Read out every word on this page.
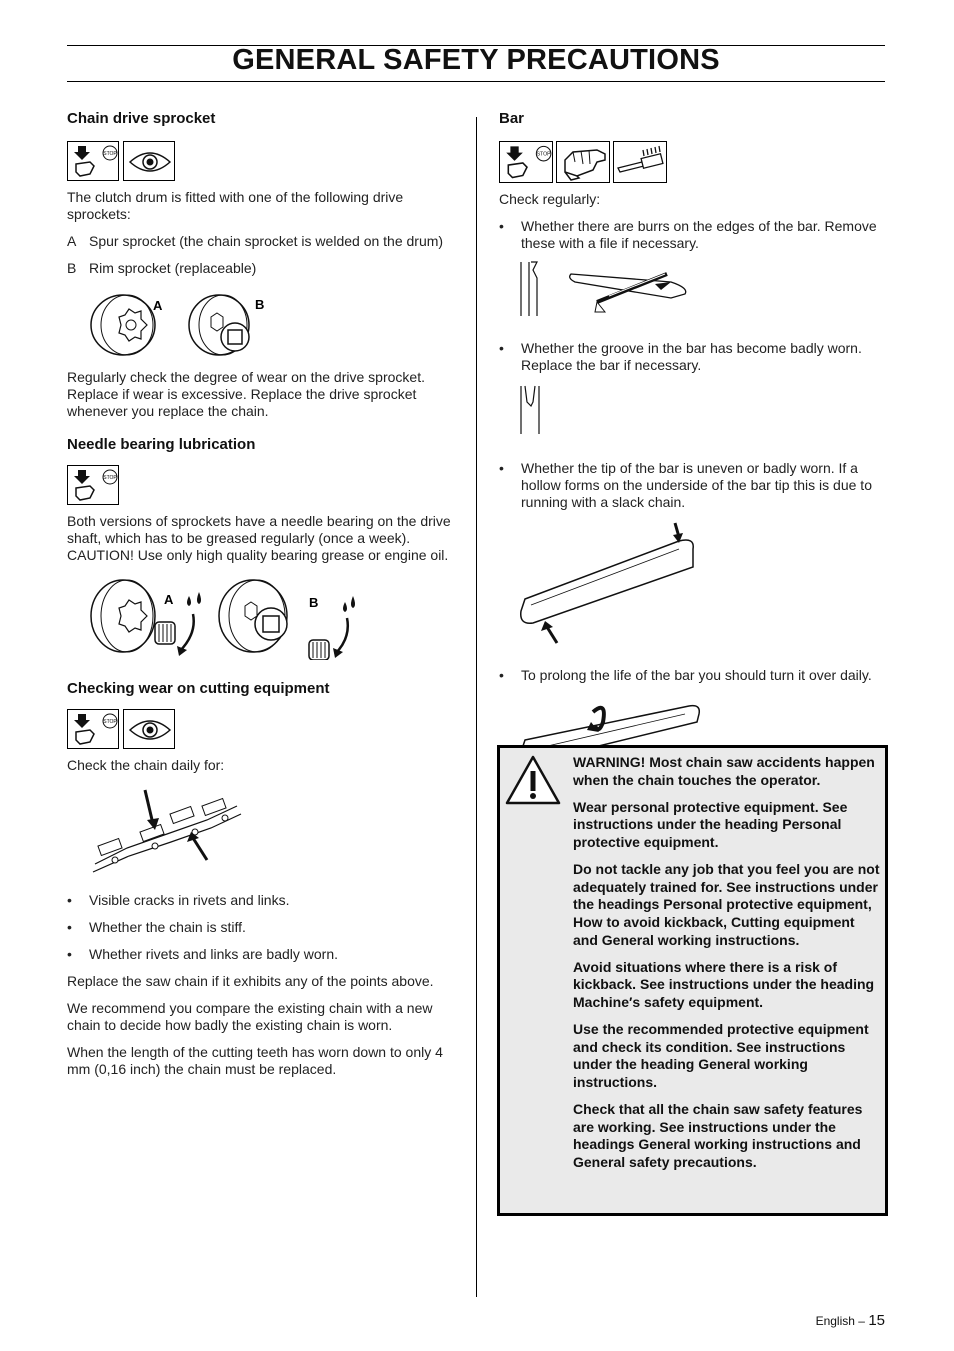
GENERAL SAFETY PRECAUTIONS
Chain drive sprocket
STOP

The clutch drum is fitted with one of the following drive sprockets:

A Spur sprocket (the chain sprocket is welded on the drum)
B Rim sprocket (replaceable)
A	B

Regularly check the degree of wear on the drive sprocket. Replace if wear is excessive. Replace the drive sprocket whenever you replace the chain.

Needle bearing lubrication
STOP

Both versions of sprockets have a needle bearing on the drive shaft, which has to be greased regularly (once a week). CAUTION! Use only high quality bearing grease or engine oil.

A	B
Checking wear on cutting equipment
STOP

Check the chain daily for:

•	Visible cracks in rivets and links.
•	Whether the chain is stiff.
•	Whether rivets and links are badly worn.

Replace the saw chain if it exhibits any of the points above.

We recommend you compare the existing chain with a new chain to decide how badly the existing chain is worn.

When the length of the cutting teeth has worn down to only 4 mm (0,16 inch) the chain must be replaced.

Bar
STOP

Check regularly:

•	Whether there are burrs on the edges of the bar. Remove these with a file if necessary.
•	Whether the groove in the bar has become badly worn. Replace the bar if necessary.
•	Whether the tip of the bar is uneven or badly worn. If a hollow forms on the underside of the bar tip this is due to running with a slack chain.
•	To prolong the life of the bar you should turn it over daily.

WARNING! Most chain saw accidents happen when the chain touches the operator.

Wear personal protective equipment. See instructions under the heading Personal protective equipment.

Do not tackle any job that you feel you are not adequately trained for. See instructions under the headings Personal protective equipment, How to avoid kickback, Cutting equipment and General working instructions.

Avoid situations where there is a risk of kickback. See instructions under the heading Machine′s safety equipment.

Use the recommended protective equipment and check its condition. See instructions under the heading General working instructions.

Check that all the chain saw safety features are working. See instructions under the headings General working instructions and General safety precautions.

English – 15
